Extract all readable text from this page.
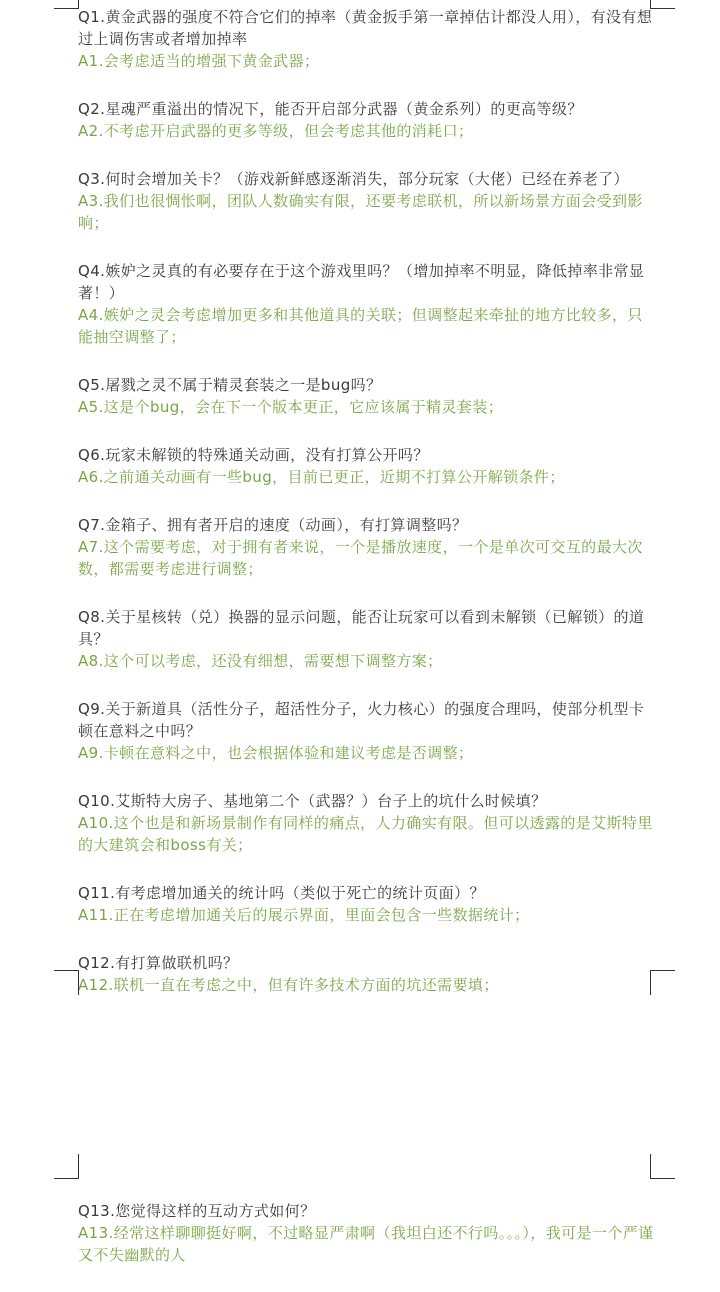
Q1.黄金武器的强度不符合它们的掉率（黄金扳手第一章掉估计都没人用），有没有想过上调伤害或者增加掉率
A1.会考虑适当的增强下黄金武器；
Q2.星魂严重溢出的情况下，能否开启部分武器（黄金系列）的更高等级？
A2.不考虑开启武器的更多等级，但会考虑其他的消耗口；
Q3.何时会增加关卡？（游戏新鲜感逐渐消失，部分玩家（大佬）已经在养老了）
A3.我们也很惆怅啊，团队人数确实有限，还要考虑联机，所以新场景方面会受到影响；
Q4.嫉妒之灵真的有必要存在于这个游戏里吗？（增加掉率不明显，降低掉率非常显著！）
A4.嫉妒之灵会考虑增加更多和其他道具的关联；但调整起来牵扯的地方比较多，只能抽空调整了；
Q5.屠戮之灵不属于精灵套装之一是bug吗？
A5.这是个bug，会在下一个版本更正，它应该属于精灵套装；
Q6.玩家未解锁的特殊通关动画，没有打算公开吗？
A6.之前通关动画有一些bug，目前已更正，近期不打算公开解锁条件；
Q7.金箱子、拥有者开启的速度（动画），有打算调整吗？
A7.这个需要考虑，对于拥有者来说，一个是播放速度，一个是单次可交互的最大次数，都需要考虑进行调整；
Q8.关于星核转（兑）换器的显示问题，能否让玩家可以看到未解锁（已解锁）的道具？
A8.这个可以考虑，还没有细想，需要想下调整方案；
Q9.关于新道具（活性分子，超活性分子，火力核心）的强度合理吗，使部分机型卡顿在意料之中吗？
A9.卡顿在意料之中，也会根据体验和建议考虑是否调整；
Q10.艾斯特大房子、基地第二个（武器？）台子上的坑什么时候填？
A10.这个也是和新场景制作有同样的痛点，人力确实有限。但可以透露的是艾斯特里的大建筑会和boss有关；
Q11.有考虑增加通关的统计吗（类似于死亡的统计页面）？
A11.正在考虑增加通关后的展示界面，里面会包含一些数据统计；
Q12.有打算做联机吗？
A12.联机一直在考虑之中，但有许多技术方面的坑还需要填；
Q13.您觉得这样的互动方式如何？
A13.经常这样聊聊挺好啊，不过略显严肃啊（我坦白还不行吗。。。），我可是一个严谨又不失幽默的人
